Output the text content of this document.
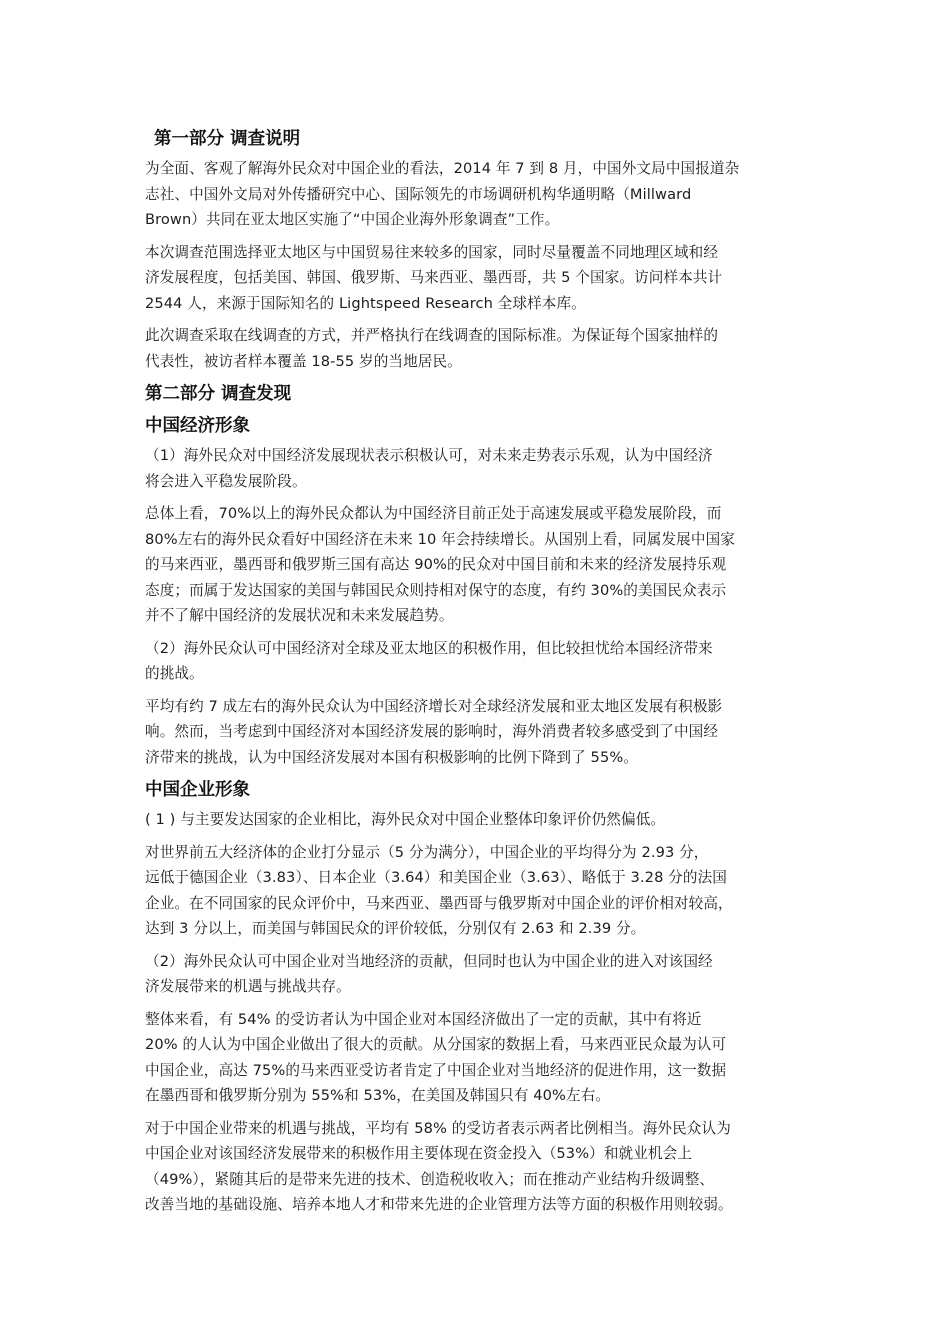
第一部分 调查说明
为全面、客观了解海外民众对中国企业的看法，2014 年 7 到 8 月，中国外文局中国报道杂
志社、中国外文局对外传播研究中心、国际领先的市场调研机构华通明略（Millward
Brown）共同在亚太地区实施了“中国企业海外形象调查”工作。
本次调查范围选择亚太地区与中国贸易往来较多的国家，同时尽量覆盖不同地理区域和经
济发展程度，包括美国、韩国、俄罗斯、马来西亚、墨西哥，共 5 个国家。访问样本共计
2544 人，来源于国际知名的 Lightspeed Research 全球样本库。
此次调查采取在线调查的方式，并严格执行在线调查的国际标准。为保证每个国家抽样的
代表性，被访者样本覆盖 18-55 岁的当地居民。
第二部分 调查发现
中国经济形象
（1）海外民众对中国经济发展现状表示积极认可，对未来走势表示乐观，认为中国经济
将会进入平稳发展阶段。
总体上看，70%以上的海外民众都认为中国经济目前正处于高速发展或平稳发展阶段，而
80%左右的海外民众看好中国经济在未来 10 年会持续增长。从国别上看，同属发展中国家
的马来西亚，墨西哥和俄罗斯三国有高达 90%的民众对中国目前和未来的经济发展持乐观
态度；而属于发达国家的美国与韩国民众则持相对保守的态度，有约 30%的美国民众表示
并不了解中国经济的发展状况和未来发展趋势。
（2）海外民众认可中国经济对全球及亚太地区的积极作用，但比较担忧给本国经济带来
的挑战。
平均有约 7 成左右的海外民众认为中国经济增长对全球经济发展和亚太地区发展有积极影
响。然而，当考虑到中国经济对本国经济发展的影响时，海外消费者较多感受到了中国经
济带来的挑战，认为中国经济发展对本国有积极影响的比例下降到了 55%。
中国企业形象
( 1 ) 与主要发达国家的企业相比，海外民众对中国企业整体印象评价仍然偏低。
对世界前五大经济体的企业打分显示（5 分为满分），中国企业的平均得分为 2.93 分，
远低于德国企业（3.83）、日本企业（3.64）和美国企业（3.63）、略低于 3.28 分的法国
企业。在不同国家的民众评价中，马来西亚、墨西哥与俄罗斯对中国企业的评价相对较高，
达到 3 分以上，而美国与韩国民众的评价较低，分别仅有 2.63 和 2.39 分。
（2）海外民众认可中国企业对当地经济的贡献，但同时也认为中国企业的进入对该国经
济发展带来的机遇与挑战共存。
整体来看，有 54% 的受访者认为中国企业对本国经济做出了一定的贡献，其中有将近
20% 的人认为中国企业做出了很大的贡献。从分国家的数据上看，马来西亚民众最为认可
中国企业，高达 75%的马来西亚受访者肯定了中国企业对当地经济的促进作用，这一数据
在墨西哥和俄罗斯分别为 55%和 53%，在美国及韩国只有 40%左右。
对于中国企业带来的机遇与挑战，平均有 58% 的受访者表示两者比例相当。海外民众认为
中国企业对该国经济发展带来的积极作用主要体现在资金投入（53%）和就业机会上
（49%），紧随其后的是带来先进的技术、创造税收收入；而在推动产业结构升级调整、
改善当地的基础设施、培养本地人才和带来先进的企业管理方法等方面的积极作用则较弱。
